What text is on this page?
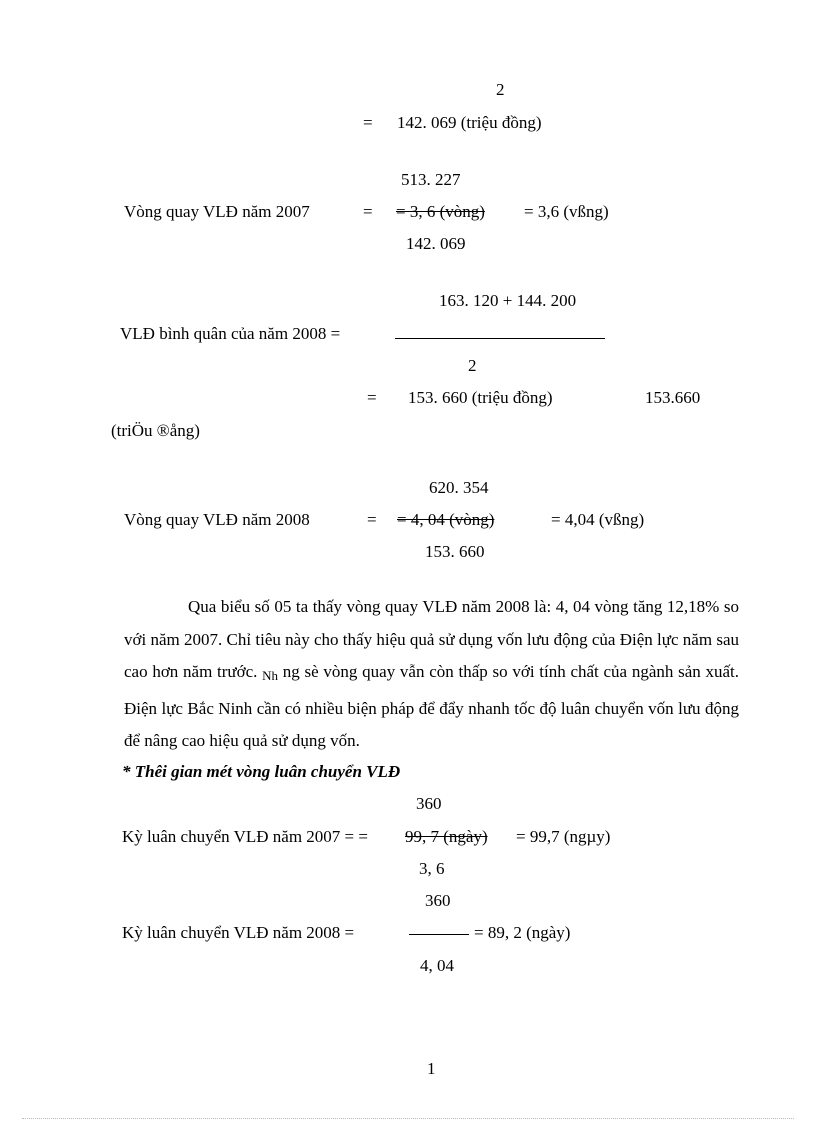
2
= 142. 069 (triệu đồng)
513. 227
Vòng quay VLĐ năm 2007	= = 3, 6 (vòng) = 3,6 (vßng)
142. 069
163. 120 + 144. 200
VLĐ bình quân của năm 2008 =
2
= 153. 660 (triệu đồng)	153.660
(triÖu ®ång)
620. 354
Vòng quay VLĐ năm 2008	= = 4, 04 (vòng)	= 4,04 (vßng)
153. 660

Qua biểu số 05 ta thấy vòng quay VLĐ năm 2008 là: 4, 04 vòng tăng 12,18% so với năm 2007. Chỉ tiêu này cho thấy hiệu quả sử dụng vốn lưu động của Điện lực năm sau cao hơn năm trước. $_{Nh}$ ng sè vòng quay vẫn còn thấp so với tính chất của ngành sản xuất. Điện lực Bắc Ninh cần có nhiều biện pháp để đẩy nhanh tốc độ luân chuyển vốn lưu động để nâng cao hiệu quả sử dụng vốn.

* Thêi gian mét vòng luân chuyển VLĐ
360
Kỳ luân chuyển VLĐ năm 2007 = = 99, 7 (ngày) = 99,7 (ngµy)
3, 6
360
Kỳ luân chuyển VLĐ năm 2008 =	= 89, 2 (ngày)
4, 04
1
